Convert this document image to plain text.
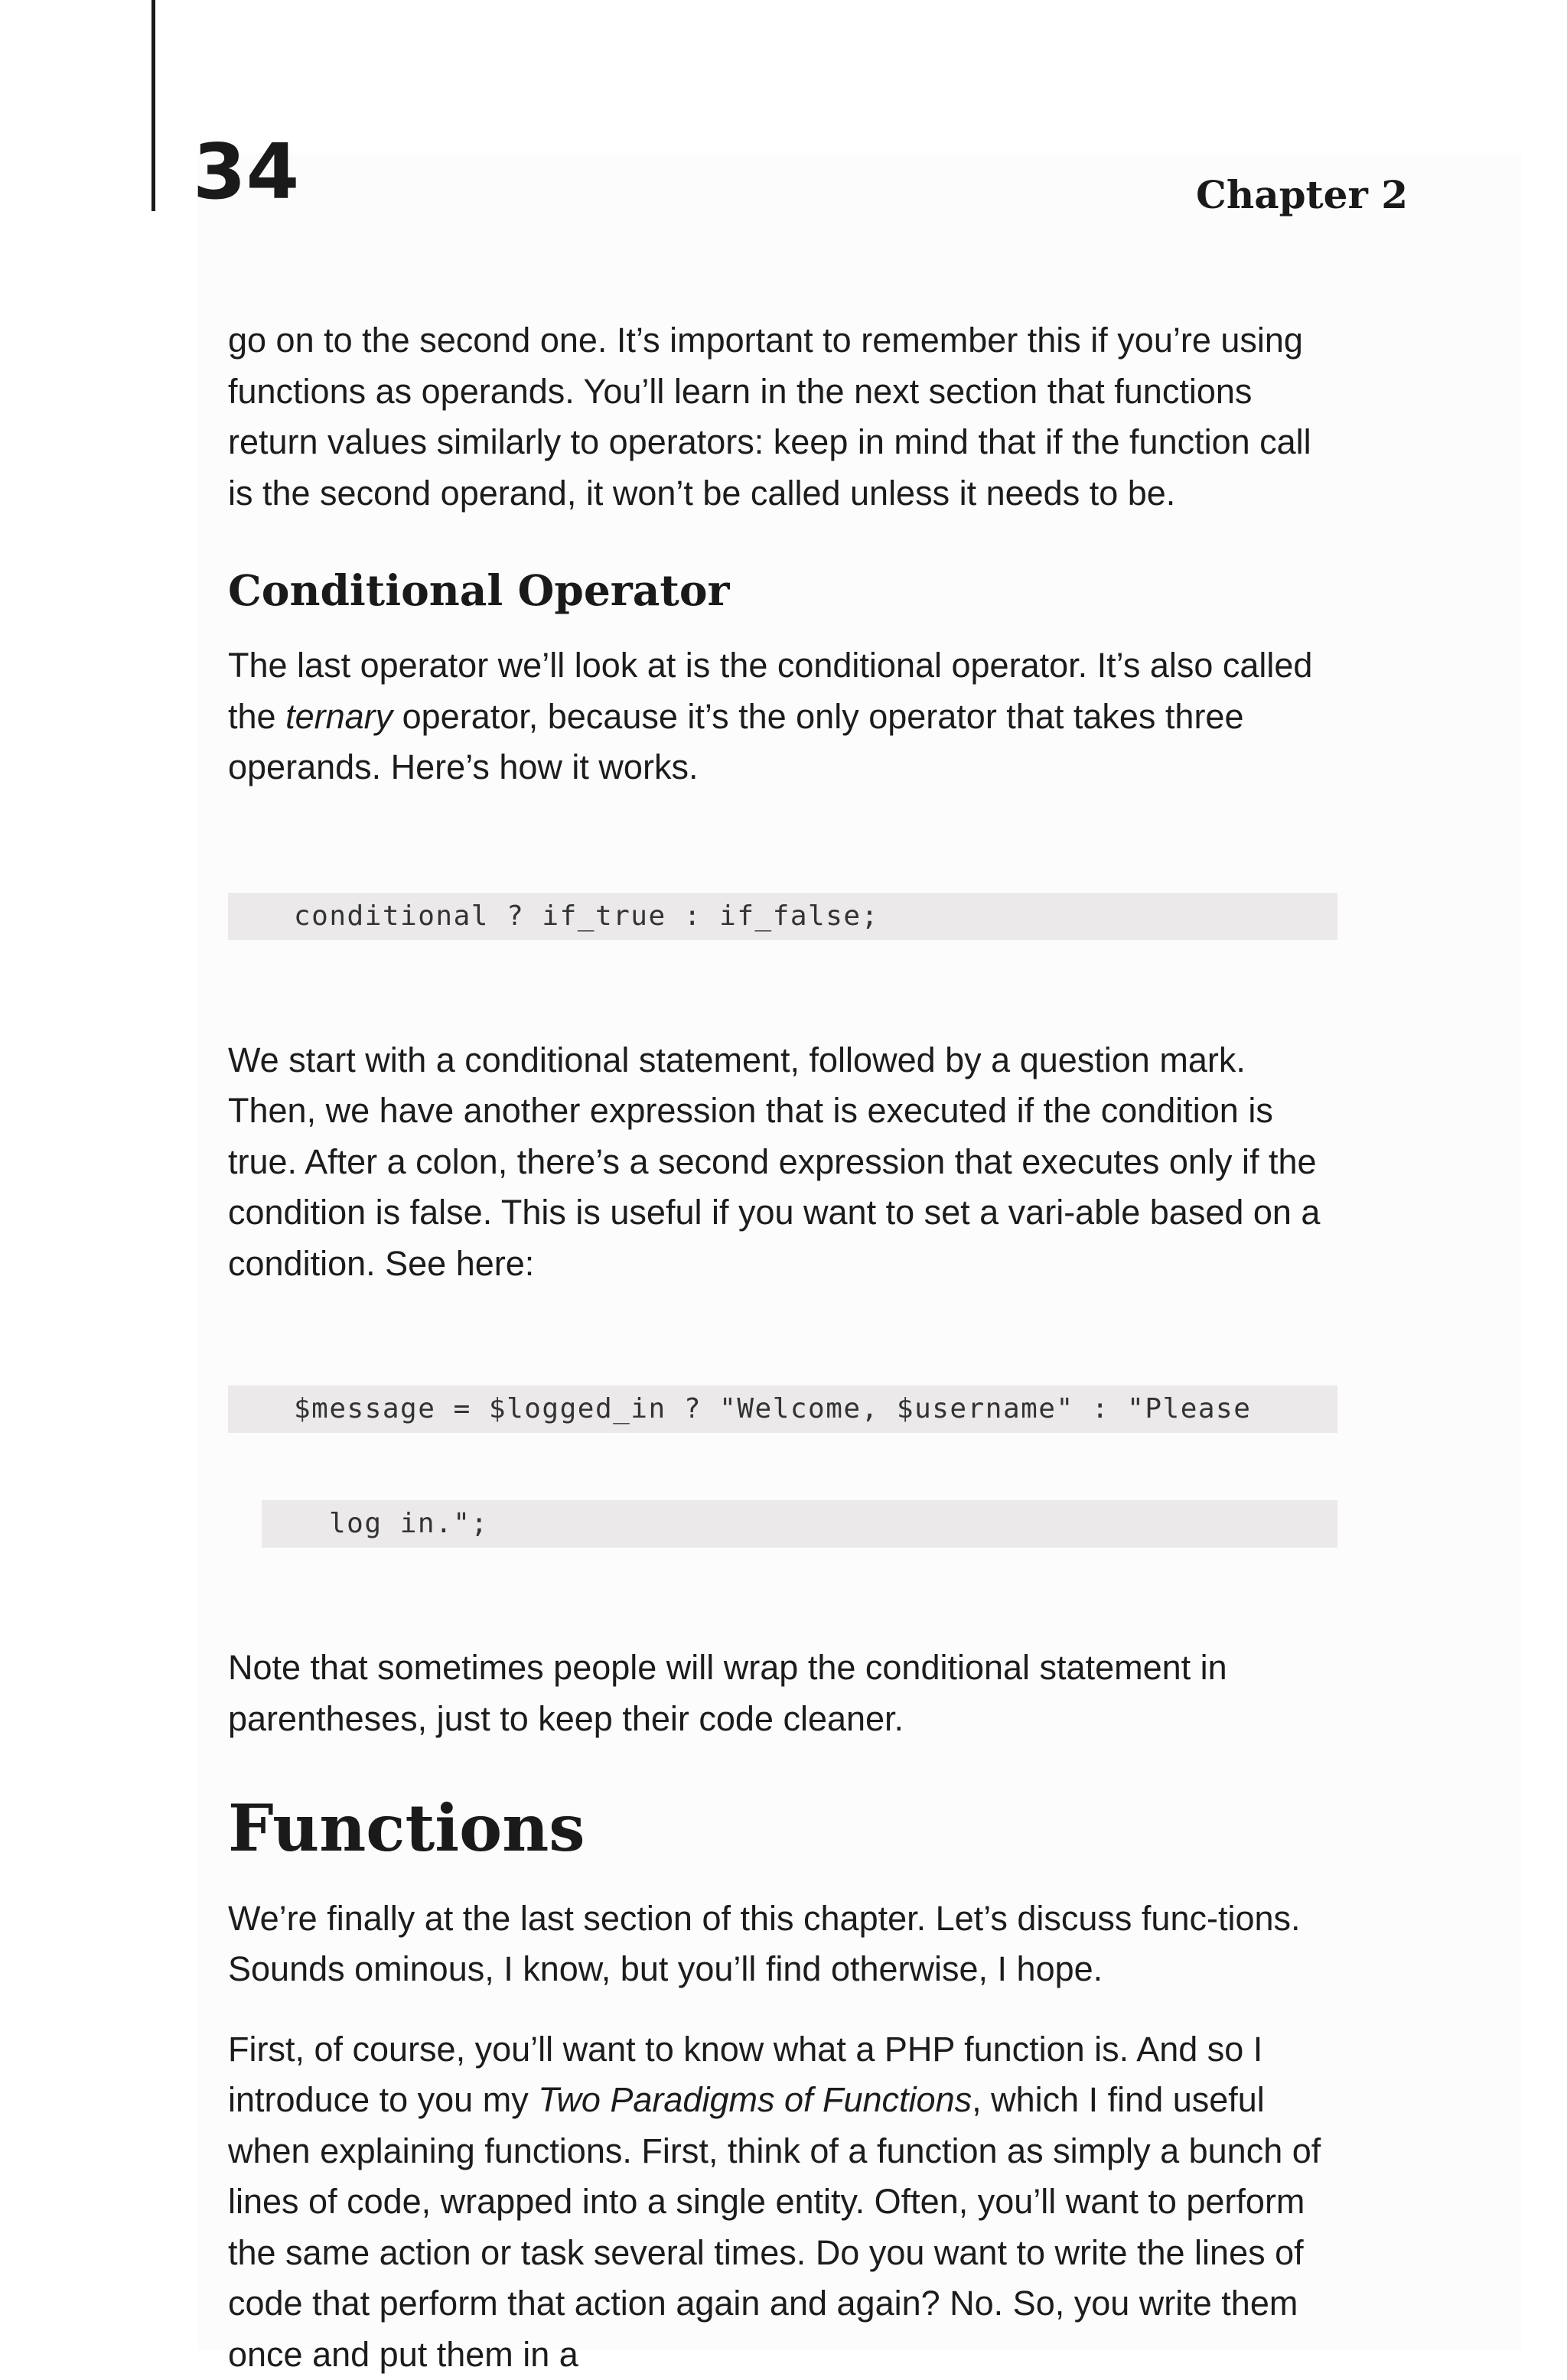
34	Chapter 2

go on to the second one. It’s important to remember this if you’re using functions as operands. You’ll learn in the next section that functions return values similarly to operators: keep in mind that if the function call is the second operand, it won’t be called unless it needs to be.

Conditional Operator

The last operator we’ll look at is the conditional operator. It’s also called the ternary operator, because it’s the only operator that takes three operands. Here’s how it works.

conditional ? if_true : if_false;

We start with a conditional statement, followed by a question mark. Then, we have another expression that is executed if the condition is true. After a colon, there’s a second expression that executes only if the condition is false. This is useful if you want to set a vari-able based on a condition. See here:

$message = $logged_in ? "Welcome, $username" : "Please

log in.";

Note that sometimes people will wrap the conditional statement in parentheses, just to keep their code cleaner.

Functions

We’re finally at the last section of this chapter. Let’s discuss func-tions. Sounds ominous, I know, but you’ll find otherwise, I hope.

First, of course, you’ll want to know what a PHP function is. And so I introduce to you my Two Paradigms of Functions, which I find useful when explaining functions. First, think of a function as simply a bunch of lines of code, wrapped into a single entity. Often, you’ll want to perform the same action or task several times. Do you want to write the lines of code that perform that action again and again? No. So, you write them once and put them in a
